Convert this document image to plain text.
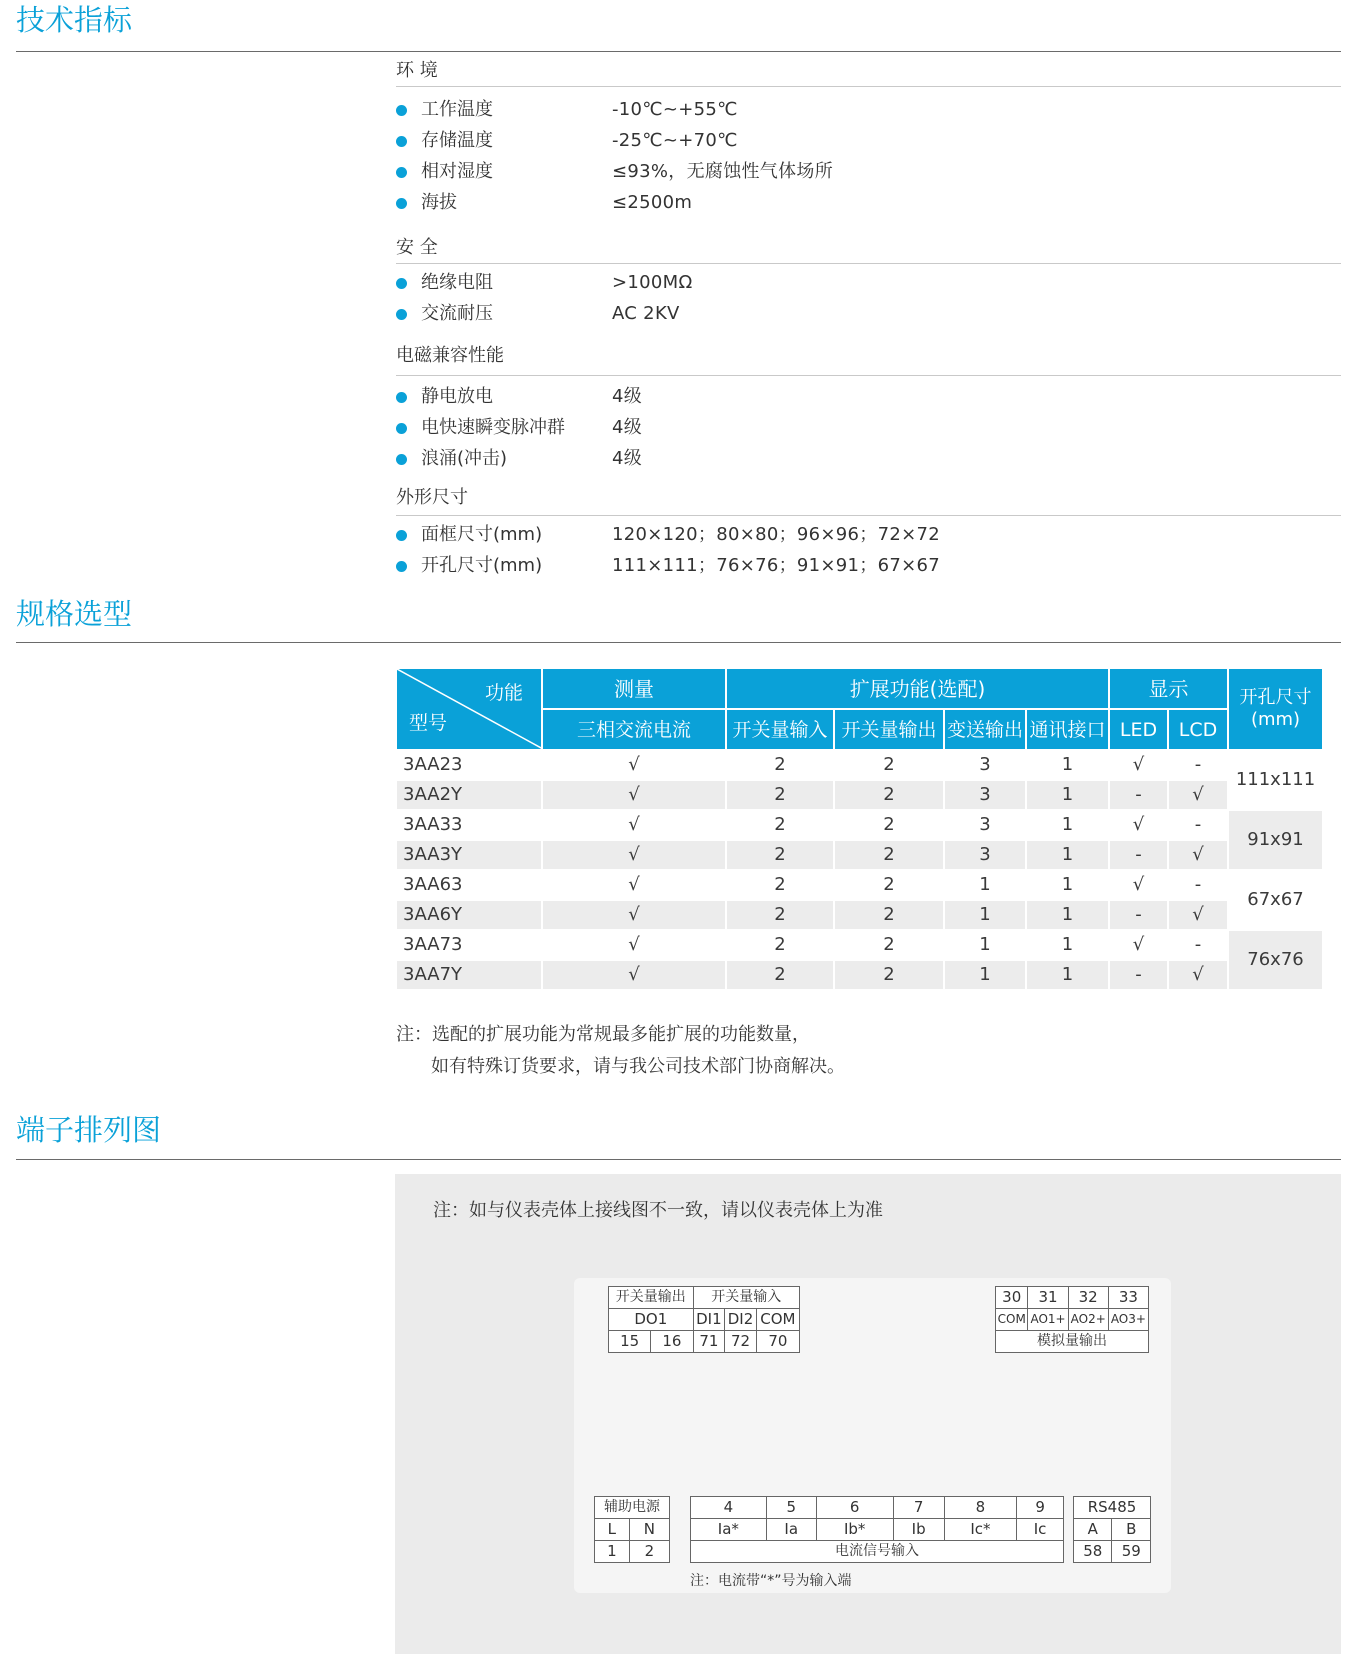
技术指标
环 境
工作温度	-10℃~+55℃
存储温度	-25℃~+70℃
相对湿度	≤93%，无腐蚀性气体场所
海拔	≤2500m
安 全
绝缘电阻	>100MΩ
交流耐压	AC 2KV
电磁兼容性能
静电放电	4级
电快速瞬变脉冲群	4级
浪涌(冲击)	4级
外形尺寸
面框尺寸(mm)	120×120；80×80；96×96；72×72
开孔尺寸(mm)	111×111；76×76；91×91；67×67
规格选型
功能
型号	测量	扩展功能(选配)				显示		开孔尺寸
(mm)
	三相交流电流	开关量输入	开关量输出	变送输出	通讯接口	LED	LCD	
3AA23	√	2	2	3	1	√	-	111x111
3AA2Y	√	2	2	3	1	-	√	
3AA33	√	2	2	3	1	√	-	91x91
3AA3Y	√	2	2	3	1	-	√	
3AA63	√	2	2	1	1	√	-	67x67
3AA6Y	√	2	2	1	1	-	√	
3AA73	√	2	2	1	1	√	-	76x76
3AA7Y	√	2	2	1	1	-	√	
注：选配的扩展功能为常规最多能扩展的功能数量，
如有特殊订货要求，请与我公司技术部门协商解决。
端子排列图
注：如与仪表壳体上接线图不一致，请以仪表壳体上为准
开关量输出		开关量输入		
DO1		DI1	DI2	COM
15	16	71	72	70
30	31	32	33
COM	AO1+	AO2+	AO3+
模拟量输出			
辅助电源	
L	N
1	2
4	5	6	7	8	9
Ia*	Ia	Ib*	Ib	Ic*	Ic
电流信号输入					
RS485	
A	B
58	59
注：电流带“*”号为输入端
